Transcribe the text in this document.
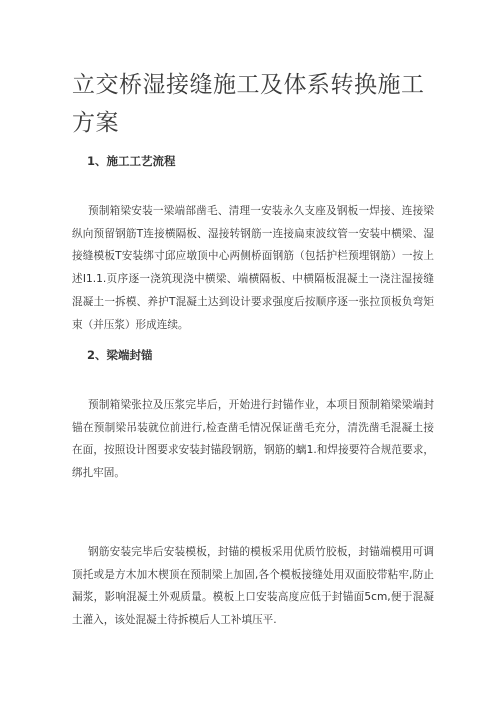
立交桥湿接缝施工及体系转换施工方案
1、施工工艺流程

预制箱梁安装一梁端部凿毛、清理一安装永久支座及钢板一焊接、连接梁纵向预留钢筋T连接横隔板、湿接转钢筋一连接扁束波纹管一安装中横梁、湿接缝模板T安装绑寸邱应墩顶中心两侧桥面钢筋（包括护栏预埋钢筋）一按上述I1.1.页序逐一浇筑现浇中横梁、端横隔板、中横隔板混凝土一浇注湿接缝混凝土一拆模、养护T混凝土达到设计要求强度后按顺序逐一张拉顶板负弯矩束（并压浆）形成连续。

2、梁端封锚

预制箱梁张拉及压浆完毕后，开始进行封锚作业，本项目预制箱梁梁端封锚在预制梁吊装就位前进行,检查凿毛情况保证凿毛充分，清洗凿毛混凝土接在面，按照设计图要求安装封锚段钢筋，钢筋的螭1.和焊接要符合规范要求，绑扎牢固。

钢筋安装完毕后安装模板，封锚的模板采用优质竹胶板，封锚端模用可调顶托或是方木加木楔顶在预制梁上加固,各个模板接缝处用双面胶带粘牢,防止漏浆，影响混凝土外观质量。模板上口安装高度应低于封锚面5cm,便于混凝土灌入，该处混凝土待拆模后人工补填压平.
